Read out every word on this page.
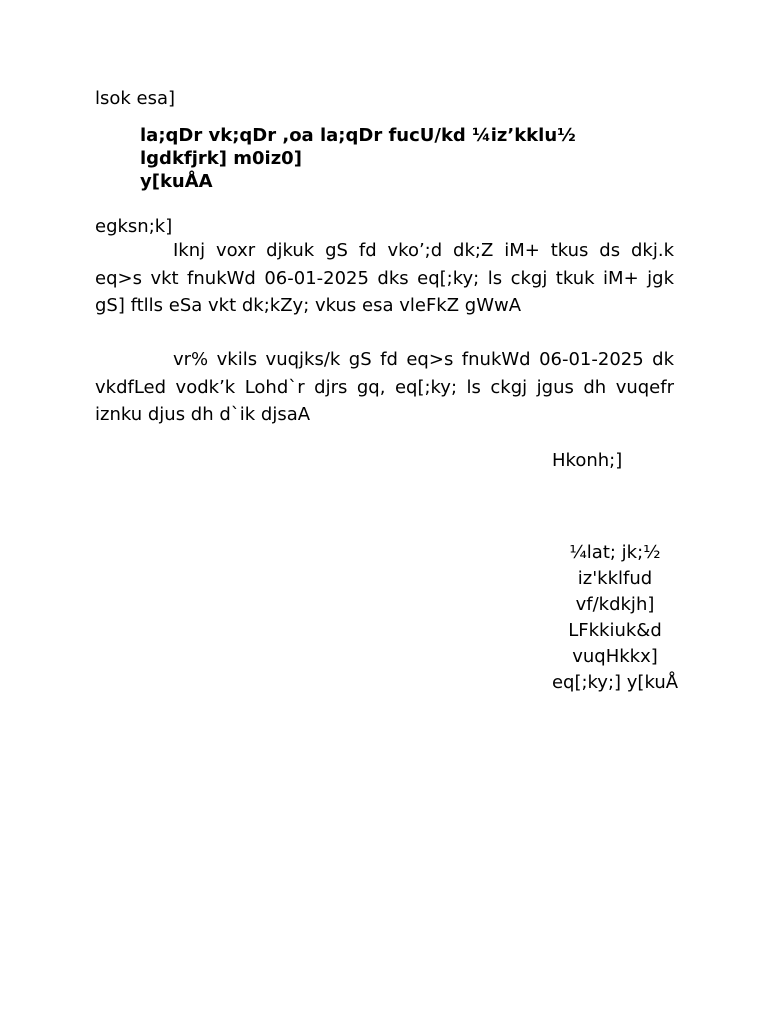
lsok esa]
la;qDr vk;qDr ,oa la;qDr fucU/kd ¼iz’kklu½
lgdkfjrk] m0iz0]
y[kuÅA
egksn;k]
Iknj voxr djkuk gS fd vko’;d dk;Z iM+ tkus ds dkj.k eq>s vkt fnukWd 06-01-2025 dks eq[;ky; ls ckgj tkuk iM+ jgk gS] ftlls eSa vkt dk;kZy; vkus esa vleFkZ gWwA
vr% vkils vuqjks/k gS fd eq>s fnukWd 06-01-2025 dk vkdfLed vodk’k Lohd`r djrs gq, eq[;ky; ls ckgj jgus dh vuqefr iznku djus dh d`ik djsaA
Hkonh;]
¼lat; jk;½
iz'kklfud
vf/kdkjh]
LFkkiuk&d
vuqHkkx]
eq[;ky;] y[kuÅ
